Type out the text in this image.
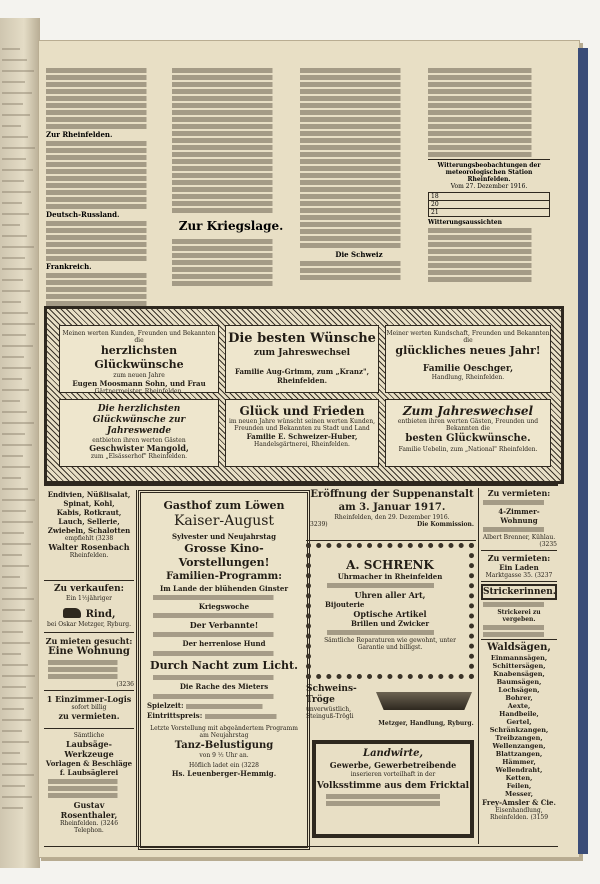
Zur Rheinfelden.
Deutsch-Russland.
Frankreich.
Zur Kriegslage.
Die Schweiz
Witterungsbeobachtungen der meteorologischen Station Rheinfelden.
Vom 27. Dezember 1916.
18
20
21
Witterungsaussichten
Meinen werten Kunden, Freunden und Bekannten die
herzlichsten Glückwünsche
zum neuen Jahre
Eugen Moosmann Sohn, und Frau
Gärtnermeister, Rheinfelden.
Die besten Wünsche
zum Jahreswechsel

Familie Aug-Grimm, zum „Kranz",
Rheinfelden.
Meiner werten Kundschaft, Freunden und Bekannten die
glückliches neues Jahr!

Familie Oeschger,
Handlung, Rheinfelden.
Die herzlichsten Glückwünsche zur Jahreswende
entbieten ihren werten Gästen
Geschwister Mangold,
zum „Elsässerhof" Rheinfelden.
Glück und Frieden
im neuen Jahre wünscht seinen werten Kunden, Freunden und Bekannten zu Stadt und Land
Familie E. Schweizer-Huber,
Handelsgärtnerei, Rheinfelden.
Zum Jahreswechsel
entbieten ihren werten Gästen, Freunden und Bekannten die
besten Glückwünsche.
Familie Uebelin, zum „National" Rheinfelden.
Endivien, Nüßlisalat,
Spinat, Kohl,
Kabis, Rotkraut,
Lauch, Sellerie,
Zwiebeln, Schalotten
empfiehlt (3238
Walter Rosenbach
Rheinfelden.
Zu verkaufen:
Ein 1½jähriger
Rind,
bei Oskar Metzger, Ryburg.
Zu mieten gesucht:
Eine Wohnung
(3236
1 Einzimmer-Logis
sofort billig
zu vermieten.
Sämtliche
Laubsäge-Werkzeuge
Vorlagen & Beschläge
f. Laubsäglerei
Gustav Rosenthaler,
Rheinfelden. (3246
Telephon.
Gasthof zum Löwen
Kaiser-August
Sylvester und Neujahrstag
Grosse Kino-Vorstellungen!
Familien-Programm:
Im Lande der blühenden Ginster
Kriegswoche
Der Verbannte!
Der herrenlose Hund
Durch Nacht zum Licht.
Die Rache des Mieters
Spielzeit:
Eintrittspreis:
Letzte Vorstellung mit abgeändertem Programm am Neujahrstag
Tanz-Belustigung
von 9 ½ Uhr an.
Höflich ladet ein (3228
Hs. Leuenberger-Hemmig.
Eröffnung der Suppenanstalt
am 3. Januar 1917.
Rheinfelden, den 29. Dezember 1916.
3239)	Die Kommission.
A. SCHRENK
Uhrmacher in Rheinfelden
Uhren aller Art,
Bijouterie
Optische Artikel
Brillen und Zwicker
Sämtliche Reparaturen wie gewohnt, unter Garantie und billigst.
Schweins-
Tröge
unverwüstlich, Steinguß-Trögli
Metzger, Handlung, Ryburg.
Landwirte,
Gewerbe, Gewerbetreibende
inserieren vorteilhaft in der
Volksstimme aus dem Fricktal
Zu vermieten:
4-Zimmer-Wohnung
Albert Brenner, Kühlau.
(3235
Zu vermieten:
Ein Laden
Marktgasse 35. (3237
Strickerinnen.
Strickerei zu vergeben.
Waldsägen,
Einmannsägen,
Schittersägen,
Knabensägen,
Baumsägen,
Lochsägen,
Bohrer,
Aexte,
Handbeile,
Gertel,
Schränkzangen,
Treibzangen,
Wellenzangen,
Blattzangen,
Hämmer,
Wellendraht,
Ketten,
Feilen,
Messer,
Frey-Amsler & Cie.
Eisenhandlung, Rheinfelden. (3159
